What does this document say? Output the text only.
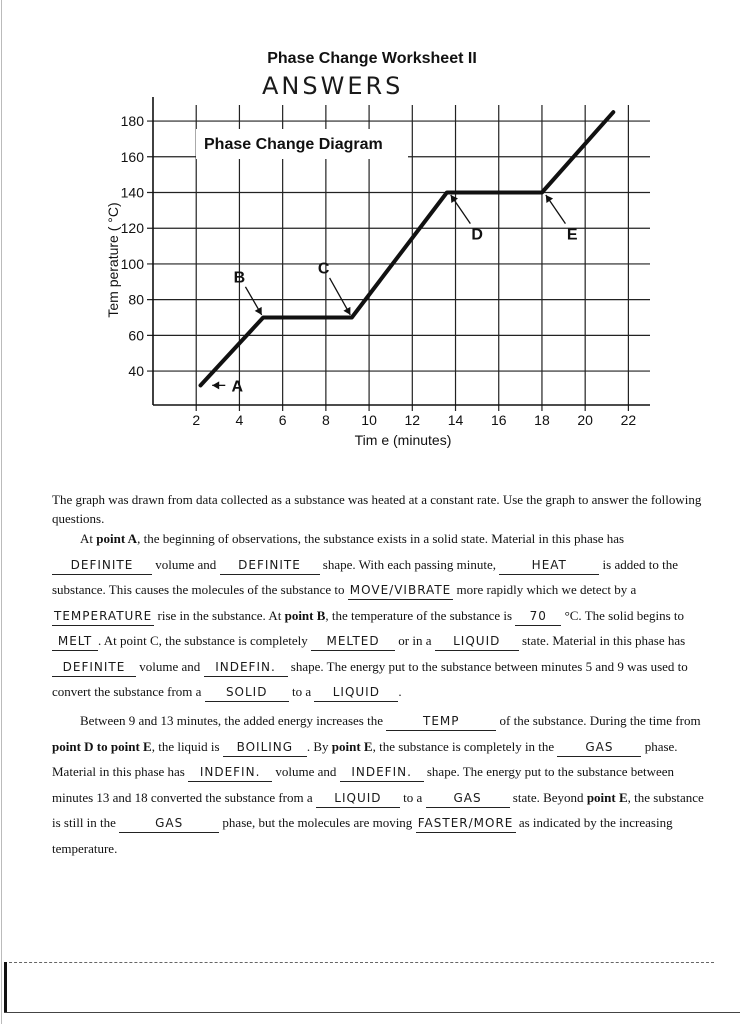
Phase Change Worksheet II
ANSWERS
Phase Change Diagram
2	4	6	8 10 12 14 16 18 20 22
40
60
80
100
120
140
160
180
Tim e (minutes)
Tem perature ( °C)
A
B
C
D	E

The graph was drawn from data collected as a substance was heated at a constant rate. Use the graph to answer the following questions.

At point A, the beginning of observations, the substance exists in a solid state. Material in this phase has DEFINITE volume and DEFINITE shape. With each passing minute,	HEAT is added to the substance. This causes the molecules of the substance to MOVE/VIBRATE more rapidly which we detect by a TEMPERATURE rise in the substance. At point B, the temperature of the substance is 70 °C. The solid begins to MELT . At point C, the substance is completely MELTED or in a LIQUID state. Material in this phase has DEFINITE volume and INDEFIN. shape. The energy put to the substance between minutes 5 and 9 was used to convert the substance from a SOLID to a LIQUID .

Between 9 and 13 minutes, the added energy increases the	TEMP	of the substance. During the time from point D to point E, the liquid is BOILING . By point E, the substance is completely in the GAS phase. Material in this phase has INDEFIN. volume and INDEFIN. shape. The energy put to the substance between minutes 13 and 18 converted the substance from a LIQUID to a GAS state. Beyond point E, the substance is still in the	GAS	phase, but the molecules are moving FASTER/MORE as indicated by the increasing temperature.
